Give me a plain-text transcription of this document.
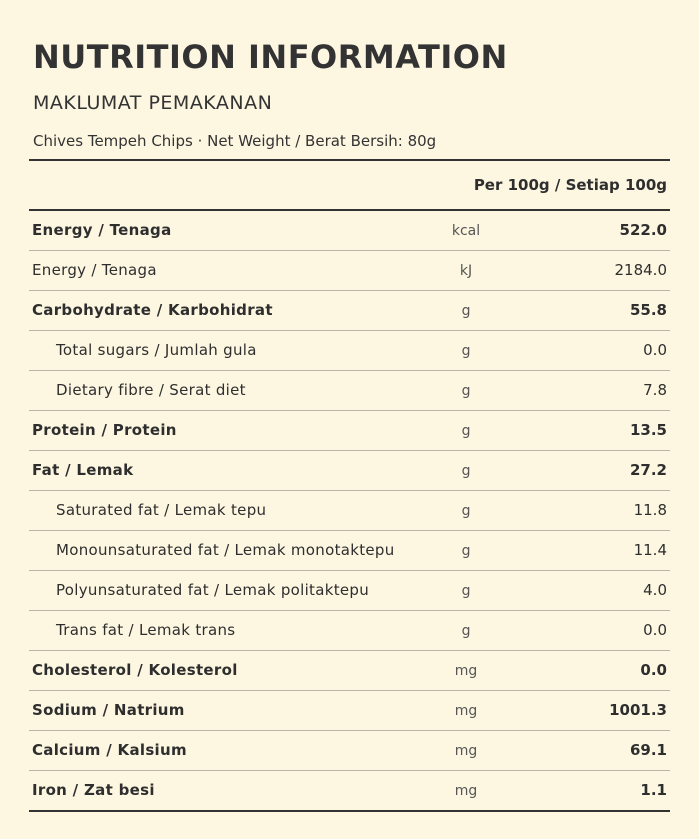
NUTRITION INFORMATION
MAKLUMAT PEMAKANAN
Chives Tempeh Chips · Net Weight / Berat Bersih: 80g
Per 100g / Setiap 100g
Energy / Tenaga	kcal	522.0
Energy / Tenaga	kJ	2184.0
Carbohydrate / Karbohidrat	g	55.8
Total sugars / Jumlah gula	g	0.0
Dietary fibre / Serat diet	g	7.8
Protein / Protein	g	13.5
Fat / Lemak	g	27.2
Saturated fat / Lemak tepu	g	11.8
Monounsaturated fat / Lemak monotaktepu	g	11.4
Polyunsaturated fat / Lemak politaktepu	g	4.0
Trans fat / Lemak trans	g	0.0
Cholesterol / Kolesterol	mg	0.0
Sodium / Natrium	mg	1001.3
Calcium / Kalsium	mg	69.1
Iron / Zat besi	mg	1.1
